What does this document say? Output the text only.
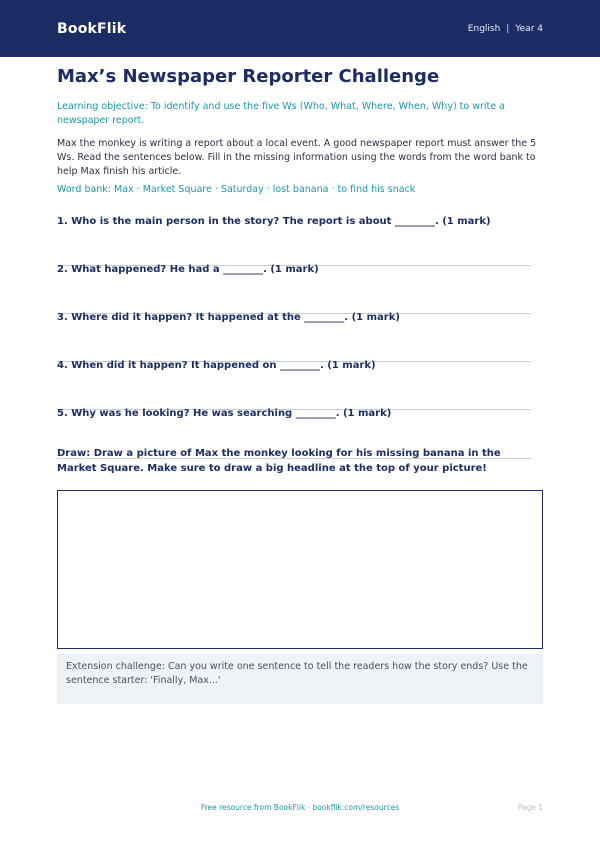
BookFlik	English | Year 4
Max’s Newspaper Reporter Challenge

Learning objective: To identify and use the five Ws (Who, What, Where, When, Why) to write a newspaper report.

Max the monkey is writing a report about a local event. A good newspaper report must answer the 5 Ws. Read the sentences below. Fill in the missing information using the words from the word bank to help Max finish his article.

Word bank: Max · Market Square · Saturday · lost banana · to find his snack

1. Who is the main person in the story? The report is about ________. (1 mark)
2. What happened? He had a ________. (1 mark)
3. Where did it happen? It happened at the ________. (1 mark)
4. When did it happen? It happened on ________. (1 mark)
5. Why was he looking? He was searching ________. (1 mark)

Draw: Draw a picture of Max the monkey looking for his missing banana in the Market Square. Make sure to draw a big headline at the top of your picture!

Extension challenge: Can you write one sentence to tell the readers how the story ends? Use the sentence starter: 'Finally, Max...'
Free resource from BookFlik · bookflik.com/resources	Page 1
